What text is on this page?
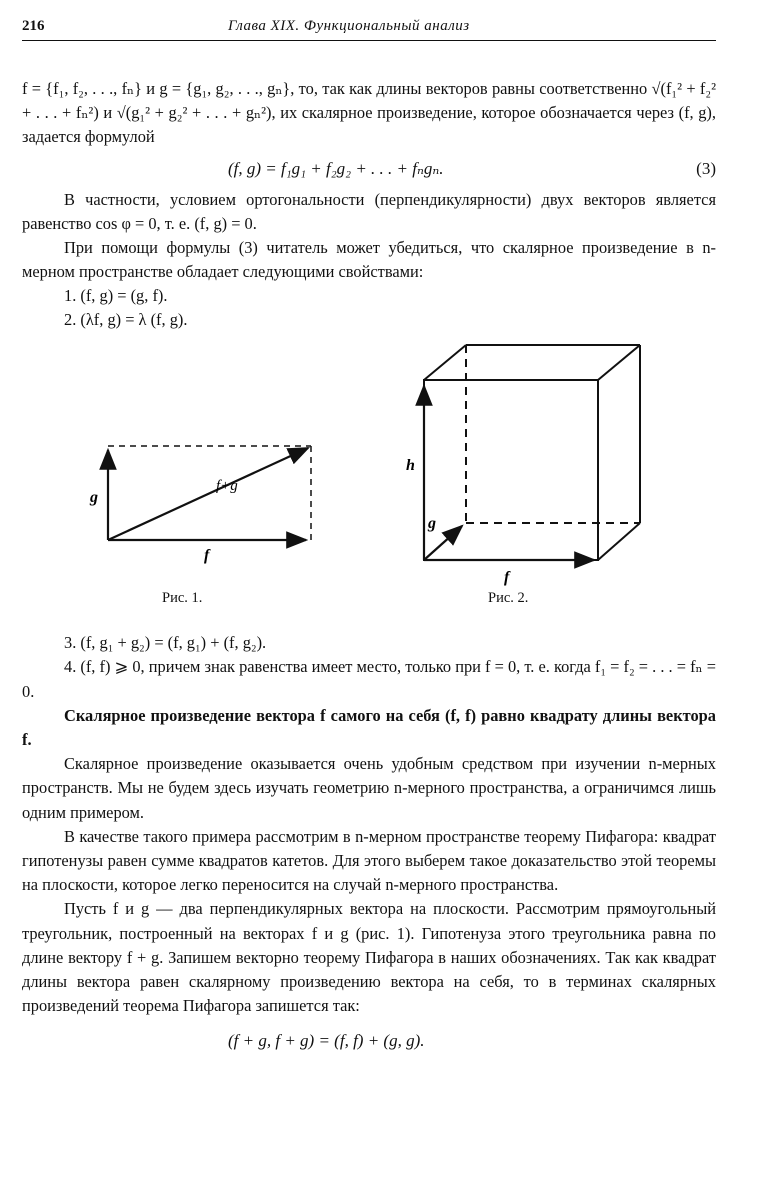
216	Глава XIX. Функциональный анализ

f = {f₁, f₂, . . ., fₙ} и g = {g₁, g₂, . . ., gₙ}, то, так как длины векторов равны соответственно √(f₁² + f₂² + . . . + fₙ²) и √(g₁² + g₂² + . . . + gₙ²), их скалярное произведение, которое обозначается через (f, g), задается формулой

(f, g) = f₁g₁ + f₂g₂ + . . . + fₙgₙ.	(3)

В частности, условием ортогональности (перпендикулярности) двух векторов является равенство cos φ = 0, т. е. (f, g) = 0.

При помощи формулы (3) читатель может убедиться, что скалярное произведение в n-мерном пространстве обладает следующими свойствами:

1. (f, g) = (g, f).

2. (λf, g) = λ (f, g).

g
f
f+g
Рис. 1.
h
g
f
Рис. 2.

3. (f, g₁ + g₂) = (f, g₁) + (f, g₂).

4. (f, f) ⩾ 0, причем знак равенства имеет место, только при f = 0, т. е. когда f₁ = f₂ = . . . = fₙ = 0.

Скалярное произведение вектора f самого на себя (f, f) равно квадрату длины вектора f.

Скалярное произведение оказывается очень удобным средством при изучении n-мерных пространств. Мы не будем здесь изучать геометрию n-мерного пространства, а ограничимся лишь одним примером.

В качестве такого примера рассмотрим в n-мерном пространстве теорему Пифагора: квадрат гипотенузы равен сумме квадратов катетов. Для этого выберем такое доказательство этой теоремы на плоскости, которое легко переносится на случай n-мерного пространства.

Пусть f и g — два перпендикулярных вектора на плоскости. Рассмотрим прямоугольный треугольник, построенный на векторах f и g (рис. 1). Гипотенуза этого треугольника равна по длине вектору f + g. Запишем векторно теорему Пифагора в наших обозначениях. Так как квадрат длины вектора равен скалярному произведению вектора на себя, то в терминах скалярных произведений теорема Пифагора запишется так:

(f + g, f + g) = (f, f) + (g, g).
